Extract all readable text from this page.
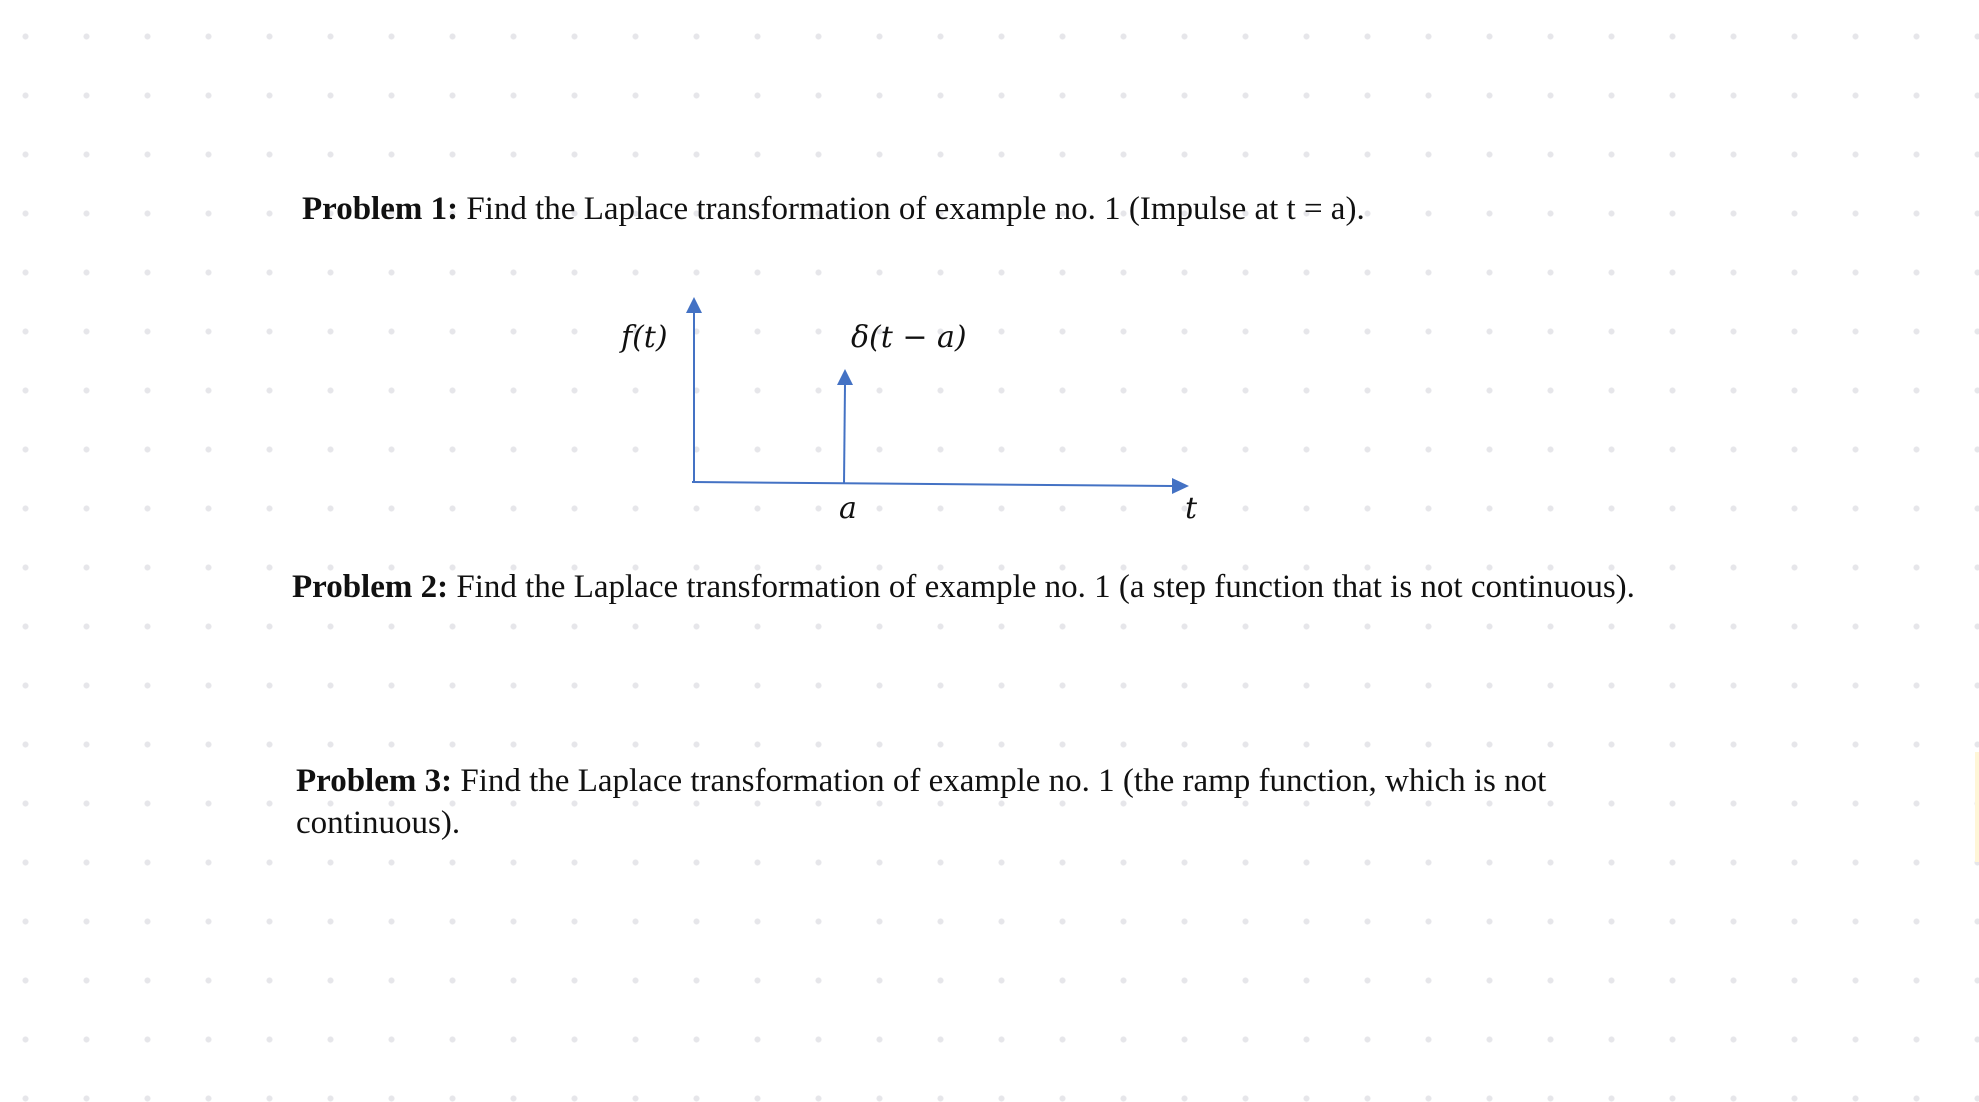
Problem 1: Find the Laplace transformation of example no. 1 (Impulse at t = a).
f(t)	δ(t − a)
a	t
Problem 2: Find the Laplace transformation of example no. 1 (a step function that is not continuous).
Problem 3: Find the Laplace transformation of example no. 1 (the ramp function, which is not continuous).
